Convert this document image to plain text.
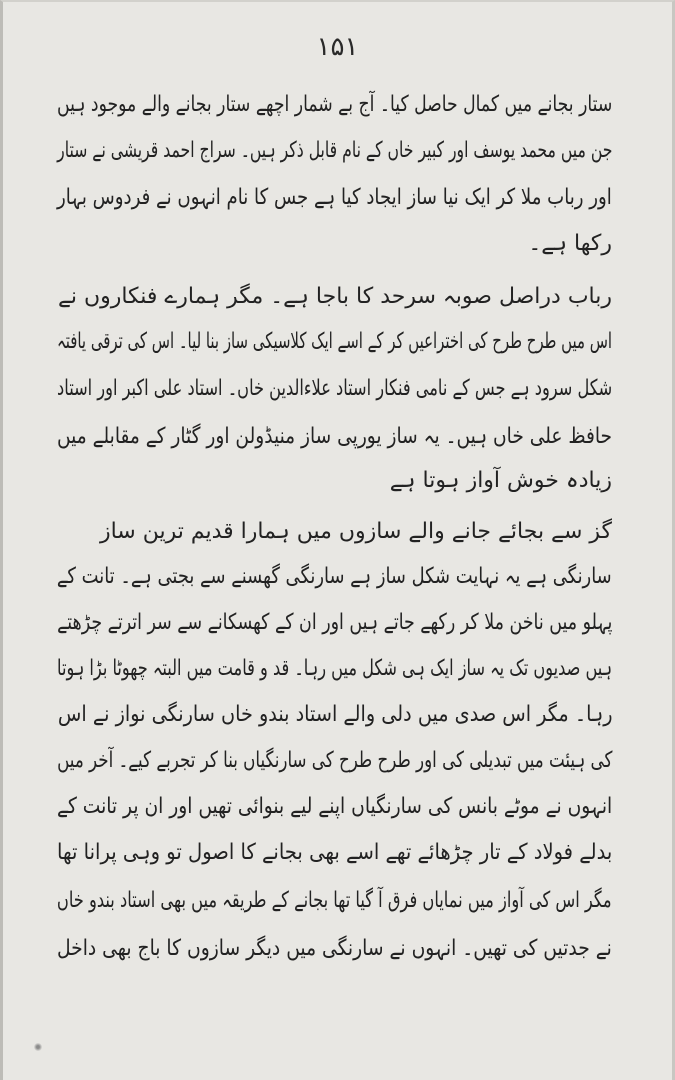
۱۵۱
ستار بجانے میں کمال حاصل کیا۔ آج بے شمار اچھے ستار بجانے والے موجود ہیں
جن میں محمد یوسف اور کبیر خاں کے نام قابل ذکر ہیں۔ سراج احمد قریشی نے ستار
اور رباب ملا کر ایک نیا ساز ایجاد کیا ہے جس کا نام انہوں نے فردوس بہار
رکھا ہے۔
رباب دراصل صوبہ سرحد کا باجا ہے۔ مگر ہمارے فنکاروں نے
اس میں طرح طرح کی اختراعیں کر کے اسے ایک کلاسیکی ساز بنا لیا۔ اس کی ترقی یافتہ
شکل سرود ہے جس کے نامی فنکار استاد علاءالدین خاں۔ استاد علی اکبر اور استاد
حافظ علی خاں ہیں۔ یہ ساز یورپی ساز منیڈولن اور گٹار کے مقابلے میں
زیادہ خوش آواز ہوتا ہے
گز سے بجائے جانے والے سازوں میں ہمارا قدیم ترین ساز
سارنگی ہے یہ نہایت شکل ساز ہے سارنگی گھسنے سے بجتی ہے۔ تانت کے
پہلو میں ناخن ملا کر رکھے جاتے ہیں اور ان کے کھسکانے سے سر اترتے چڑھتے
ہیں صدیوں تک یہ ساز ایک ہی شکل میں رہا۔ قد و قامت میں البتہ چھوٹا بڑا ہوتا
رہا۔ مگر اس صدی میں دلی والے استاد بندو خاں سارنگی نواز نے اس
کی ہیئت میں تبدیلی کی اور طرح طرح کی سارنگیاں بنا کر تجربے کیے۔ آخر میں
انہوں نے موٹے بانس کی سارنگیاں اپنے لیے بنوائی تھیں اور ان پر تانت کے
بدلے فولاد کے تار چڑھائے تھے اسے بھی بجانے کا اصول تو وہی پرانا تھا
مگر اس کی آواز میں نمایاں فرق آ گیا تھا بجانے کے طریقہ میں بھی استاد بندو خاں
نے جدتیں کی تھیں۔ انہوں نے سارنگی میں دیگر سازوں کا باج بھی داخل
